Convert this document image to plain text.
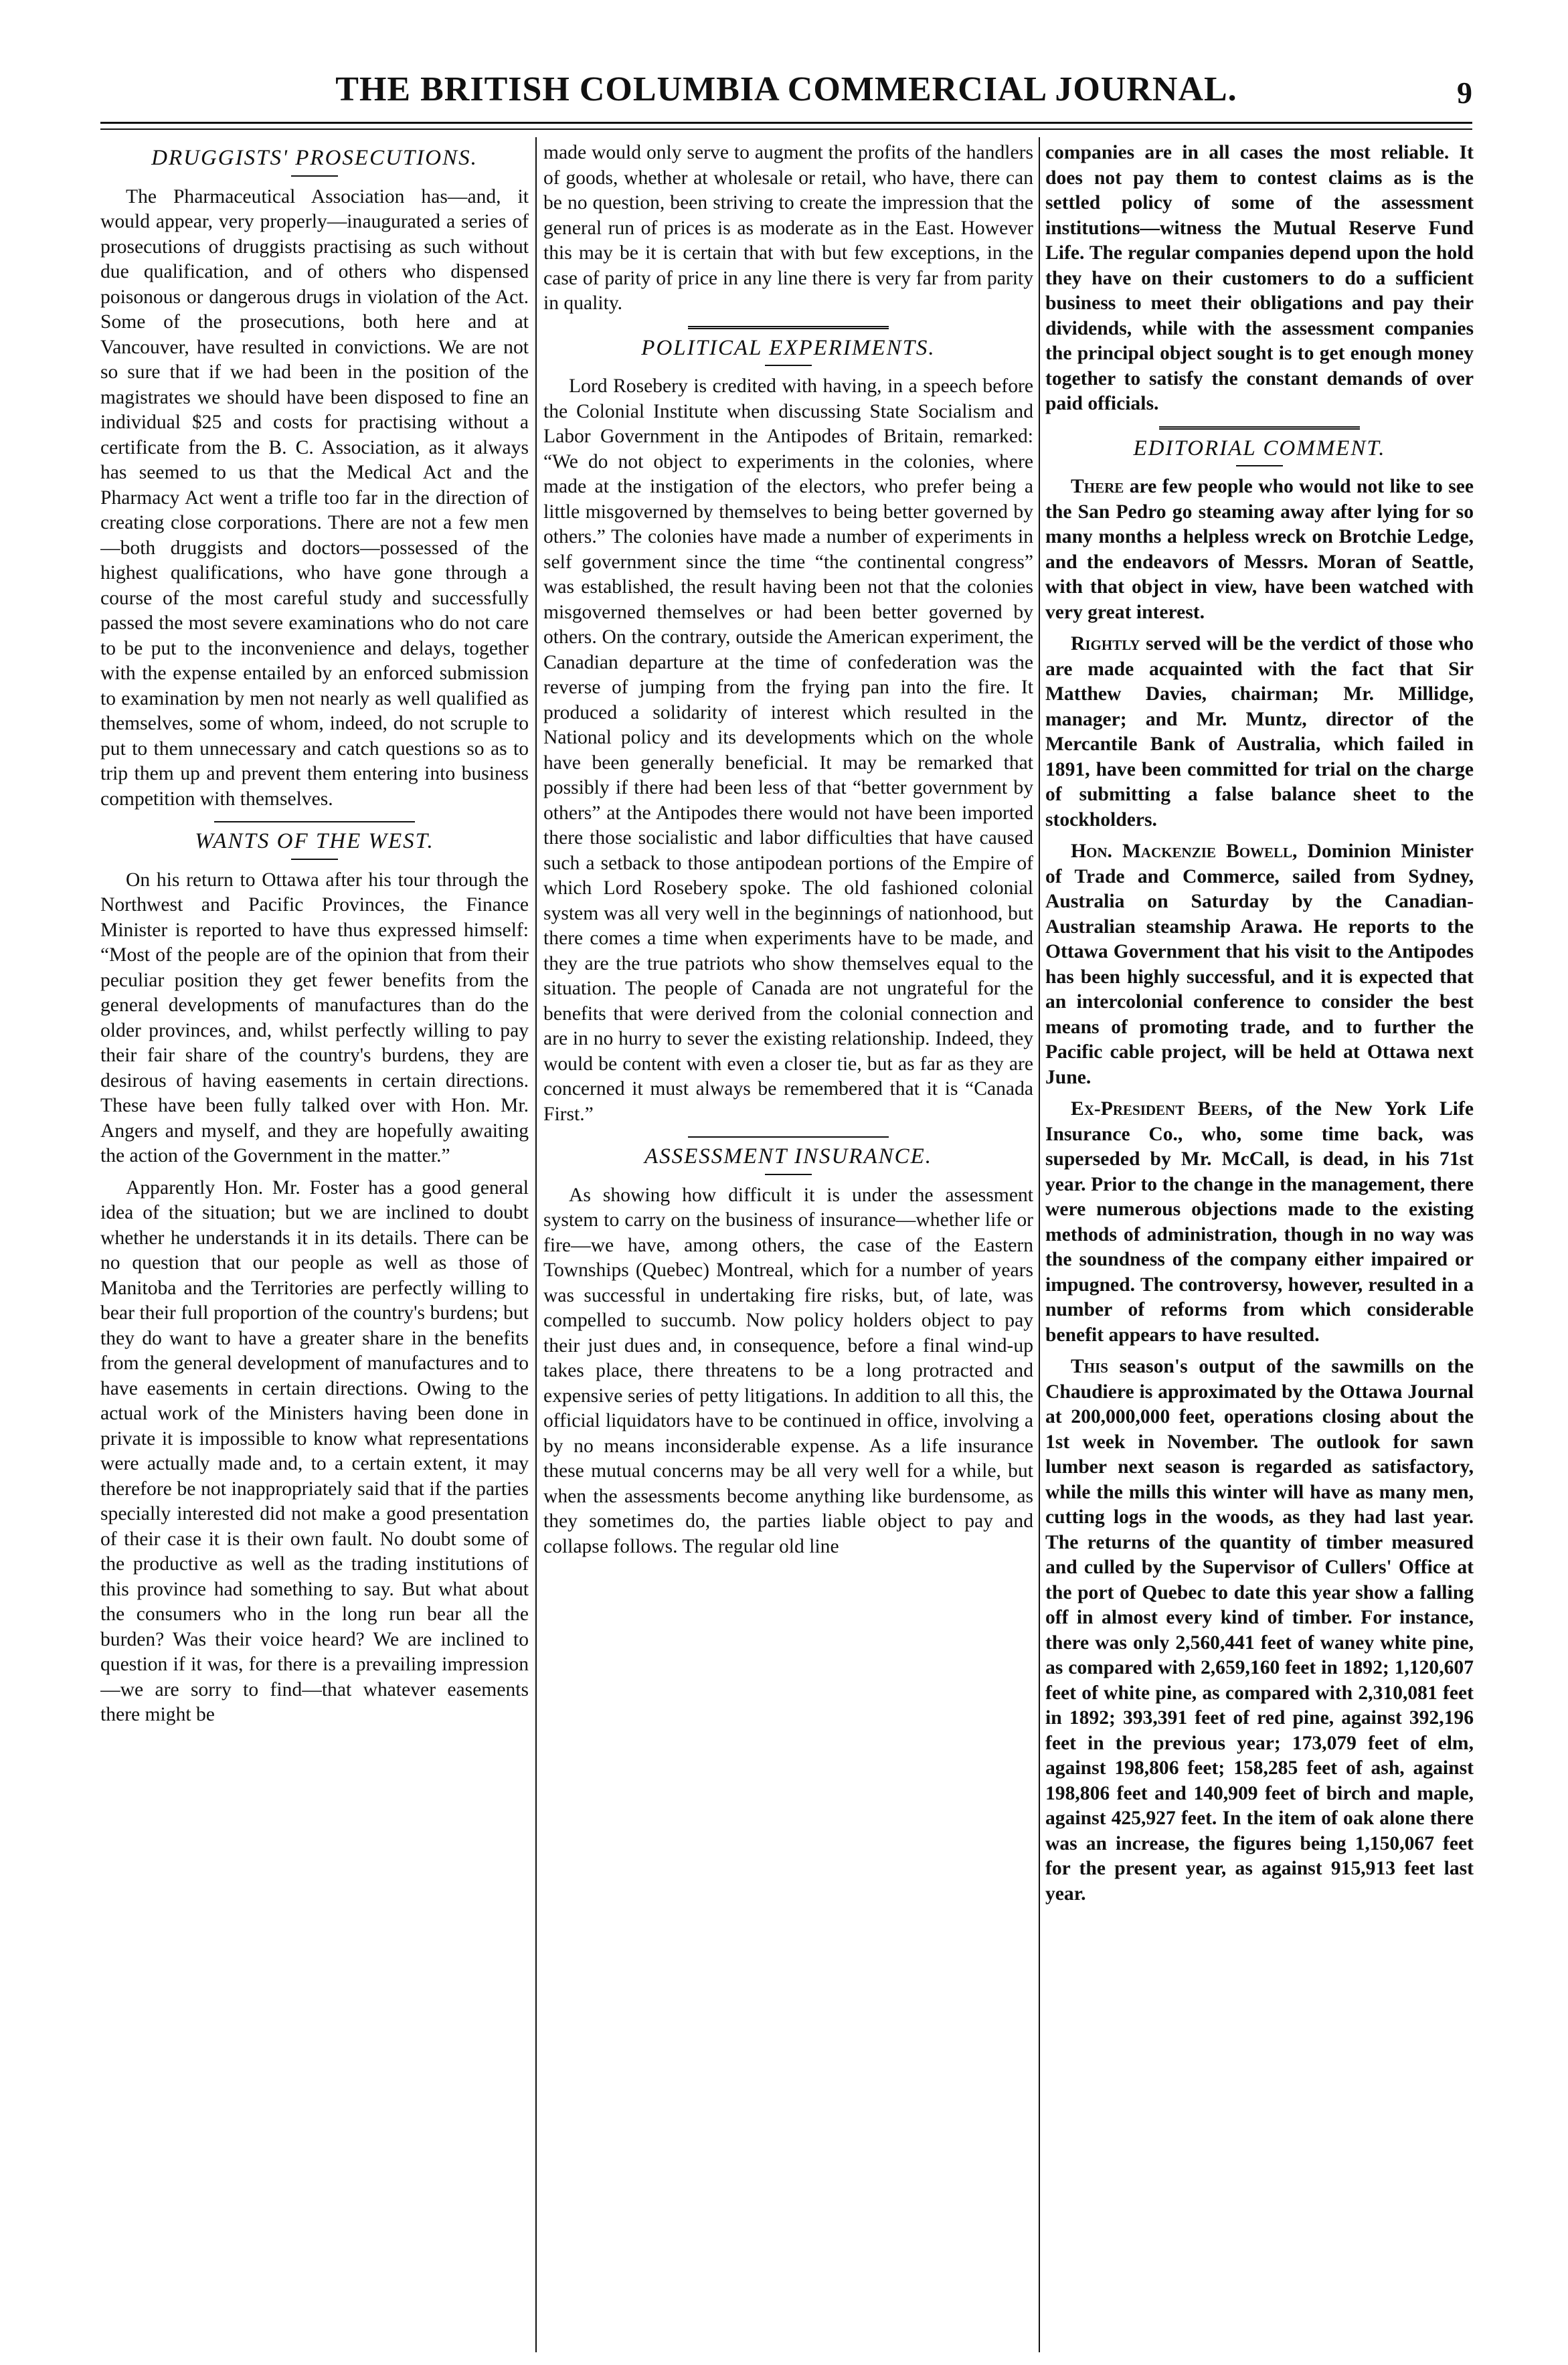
THE BRITISH COLUMBIA COMMERCIAL JOURNAL.	9
DRUGGISTS' PROSECUTIONS.

The Pharmaceutical Association has—and, it would appear, very properly—inaugurated a series of prosecutions of druggists practising as such without due qualification, and of others who dispensed poisonous or dangerous drugs in violation of the Act. Some of the prosecutions, both here and at Vancouver, have resulted in convictions. We are not so sure that if we had been in the position of the magistrates we should have been disposed to fine an individual $25 and costs for practising without a certificate from the B. C. Association, as it always has seemed to us that the Medical Act and the Pharmacy Act went a trifle too far in the direction of creating close corporations. There are not a few men—both druggists and doctors—possessed of the highest qualifications, who have gone through a course of the most careful study and successfully passed the most severe examinations who do not care to be put to the inconvenience and delays, together with the expense entailed by an enforced submission to examination by men not nearly as well qualified as themselves, some of whom, indeed, do not scruple to put to them unnecessary and catch questions so as to trip them up and prevent them entering into business competition with themselves.

WANTS OF THE WEST.

On his return to Ottawa after his tour through the Northwest and Pacific Provinces, the Finance Minister is reported to have thus expressed himself: “Most of the people are of the opinion that from their peculiar position they get fewer benefits from the general developments of manufactures than do the older provinces, and, whilst perfectly willing to pay their fair share of the country's burdens, they are desirous of having easements in certain directions. These have been fully talked over with Hon. Mr. Angers and myself, and they are hopefully awaiting the action of the Government in the matter.”

Apparently Hon. Mr. Foster has a good general idea of the situation; but we are inclined to doubt whether he understands it in its details. There can be no question that our people as well as those of Manitoba and the Territories are perfectly willing to bear their full proportion of the country's burdens; but they do want to have a greater share in the benefits from the general development of manufactures and to have easements in certain directions. Owing to the actual work of the Ministers having been done in private it is impossible to know what representations were actually made and, to a certain extent, it may therefore be not inappropriately said that if the parties specially interested did not make a good presentation of their case it is their own fault. No doubt some of the productive as well as the trading institutions of this province had something to say. But what about the consumers who in the long run bear all the burden? Was their voice heard? We are inclined to question if it was, for there is a prevailing impression—we are sorry to find—that whatever easements there might be

made would only serve to augment the profits of the handlers of goods, whether at wholesale or retail, who have, there can be no question, been striving to create the impression that the general run of prices is as moderate as in the East. However this may be it is certain that with but few exceptions, in the case of parity of price in any line there is very far from parity in quality.

POLITICAL EXPERIMENTS.

Lord Rosebery is credited with having, in a speech before the Colonial Institute when discussing State Socialism and Labor Government in the Antipodes of Britain, remarked: “We do not object to experiments in the colonies, where made at the instigation of the electors, who prefer being a little misgoverned by themselves to being better governed by others.” The colonies have made a number of experiments in self government since the time “the continental congress” was established, the result having been not that the colonies misgoverned themselves or had been better governed by others. On the contrary, outside the American experiment, the Canadian departure at the time of confederation was the reverse of jumping from the frying pan into the fire. It produced a solidarity of interest which resulted in the National policy and its developments which on the whole have been generally beneficial. It may be remarked that possibly if there had been less of that “better government by others” at the Antipodes there would not have been imported there those socialistic and labor difficulties that have caused such a setback to those antipodean portions of the Empire of which Lord Rosebery spoke. The old fashioned colonial system was all very well in the beginnings of nationhood, but there comes a time when experiments have to be made, and they are the true patriots who show themselves equal to the situation. The people of Canada are not ungrateful for the benefits that were derived from the colonial connection and are in no hurry to sever the existing relationship. Indeed, they would be content with even a closer tie, but as far as they are concerned it must always be remembered that it is “Canada First.”

ASSESSMENT INSURANCE.

As showing how difficult it is under the assessment system to carry on the business of insurance—whether life or fire—we have, among others, the case of the Eastern Townships (Quebec) Montreal, which for a number of years was successful in undertaking fire risks, but, of late, was compelled to succumb. Now policy holders object to pay their just dues and, in consequence, before a final wind-up takes place, there threatens to be a long protracted and expensive series of petty litigations. In addition to all this, the official liquidators have to be continued in office, involving a by no means inconsiderable expense. As a life insurance these mutual concerns may be all very well for a while, but when the assessments become anything like burdensome, as they sometimes do, the parties liable object to pay and collapse follows. The regular old line

companies are in all cases the most reliable. It does not pay them to contest claims as is the settled policy of some of the assessment institutions—witness the Mutual Reserve Fund Life. The regular companies depend upon the hold they have on their customers to do a sufficient business to meet their obligations and pay their dividends, while with the assessment companies the principal object sought is to get enough money together to satisfy the constant demands of over paid officials.

EDITORIAL COMMENT.

There are few people who would not like to see the San Pedro go steaming away after lying for so many months a helpless wreck on Brotchie Ledge, and the endeavors of Messrs. Moran of Seattle, with that object in view, have been watched with very great interest.

Rightly served will be the verdict of those who are made acquainted with the fact that Sir Matthew Davies, chairman; Mr. Millidge, manager; and Mr. Muntz, director of the Mercantile Bank of Australia, which failed in 1891, have been committed for trial on the charge of submitting a false balance sheet to the stockholders.

Hon. Mackenzie Bowell, Dominion Minister of Trade and Commerce, sailed from Sydney, Australia on Saturday by the Canadian-Australian steamship Arawa. He reports to the Ottawa Government that his visit to the Antipodes has been highly successful, and it is expected that an intercolonial conference to consider the best means of promoting trade, and to further the Pacific cable project, will be held at Ottawa next June.

Ex-President Beers, of the New York Life Insurance Co., who, some time back, was superseded by Mr. McCall, is dead, in his 71st year. Prior to the change in the management, there were numerous objections made to the existing methods of administration, though in no way was the soundness of the company either impaired or impugned. The controversy, however, resulted in a number of reforms from which considerable benefit appears to have resulted.

This season's output of the sawmills on the Chaudiere is approximated by the Ottawa Journal at 200,000,000 feet, operations closing about the 1st week in November. The outlook for sawn lumber next season is regarded as satisfactory, while the mills this winter will have as many men, cutting logs in the woods, as they had last year. The returns of the quantity of timber measured and culled by the Supervisor of Cullers' Office at the port of Quebec to date this year show a falling off in almost every kind of timber. For instance, there was only 2,560,441 feet of waney white pine, as compared with 2,659,160 feet in 1892; 1,120,607 feet of white pine, as compared with 2,310,081 feet in 1892; 393,391 feet of red pine, against 392,196 feet in the previous year; 173,079 feet of elm, against 198,806 feet; 158,285 feet of ash, against 198,806 feet and 140,909 feet of birch and maple, against 425,927 feet. In the item of oak alone there was an increase, the figures being 1,150,067 feet for the present year, as against 915,913 feet last year.
